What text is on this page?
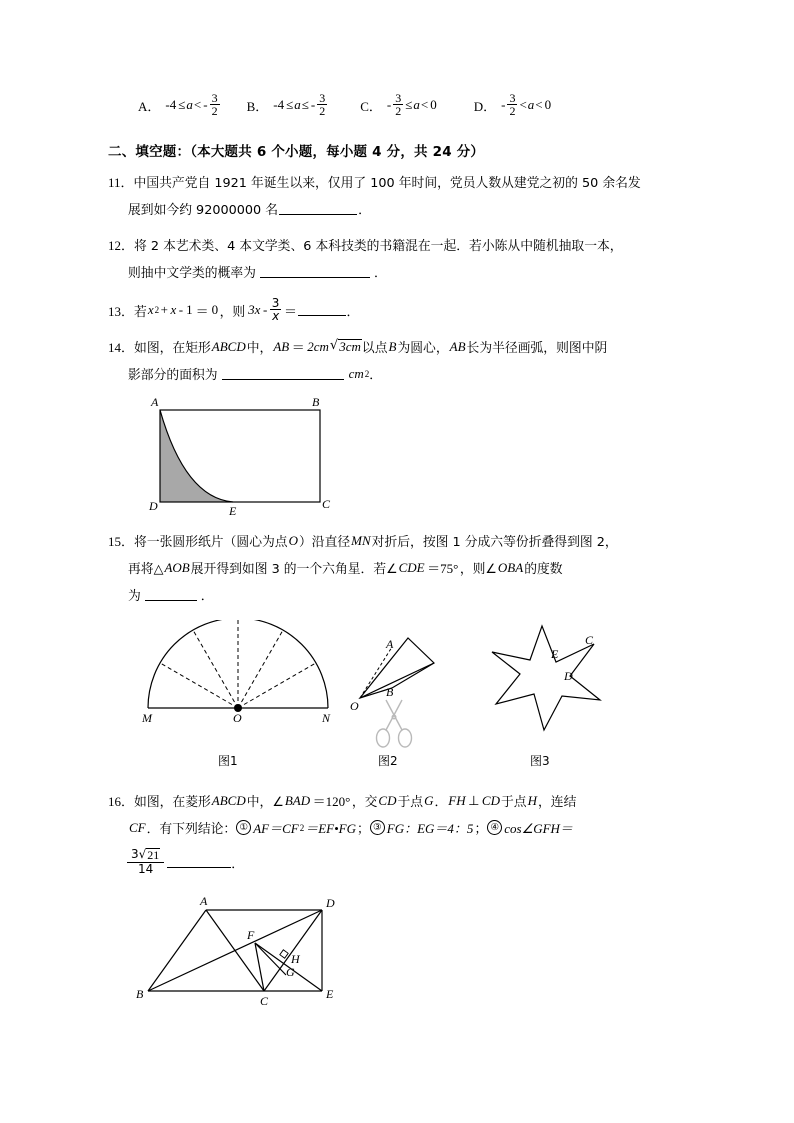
A． -4 ≤ a < - $\frac{3}{2}$ B． -4 ≤ a ≤ - $\frac{3}{2}$	C． - $\frac{3}{2} \le a < 0$	D． - $\frac{3}{2} < a < 0$
二、填空题：（本大题共 6 个小题，每小题 4 分，共 24 分）
11． 中国共产党自 1921 年诞生以来，仅用了 100 年时间，党员人数从建党之初的 50 余名发
展到如今约 92000000 名	．
12． 将 2 本艺术类、4 本文学类、6 本科技类的书籍混在一起．若小陈从中随机抽取一本，
则抽中文学类的概率为	．
13． 若 x 2 + x - 1 ＝ 0 ，则 $3x - \frac{3}{x}$ ＝	．
14． 如图，在矩形 ABCD 中， AB ＝ 2cm √ 3cm 以点 B 为圆心， AB 长为半径画弧，则图中阴
影部分的面积为	cm 2 ．
A	B
D	C
E
15． 将一张圆形纸片（圆心为点 O ）沿直径 MN 对折后，按图 1 分成六等份折叠得到图 2，
再将△ AOB 展开得到如图 3 的一个六角星．若∠ CDE ＝75° ，则∠ OBA 的度数
为	．
M	O	N
A
B
O
E
C
D
图1	图2	图3
16． 如图，在菱形 ABCD 中，∠ BAD ＝120° ，交 CD 于点 G ． FH ⊥ CD 于点 H ，连结
CF ．有下列结论： ① AF＝CF 2 ＝EF•FG ； ③ FG：EG＝4：5 ； ④ cos∠GFH＝
$\frac{3 √ 21}{14}$	．
A	D
B	C	E
F
G
H
